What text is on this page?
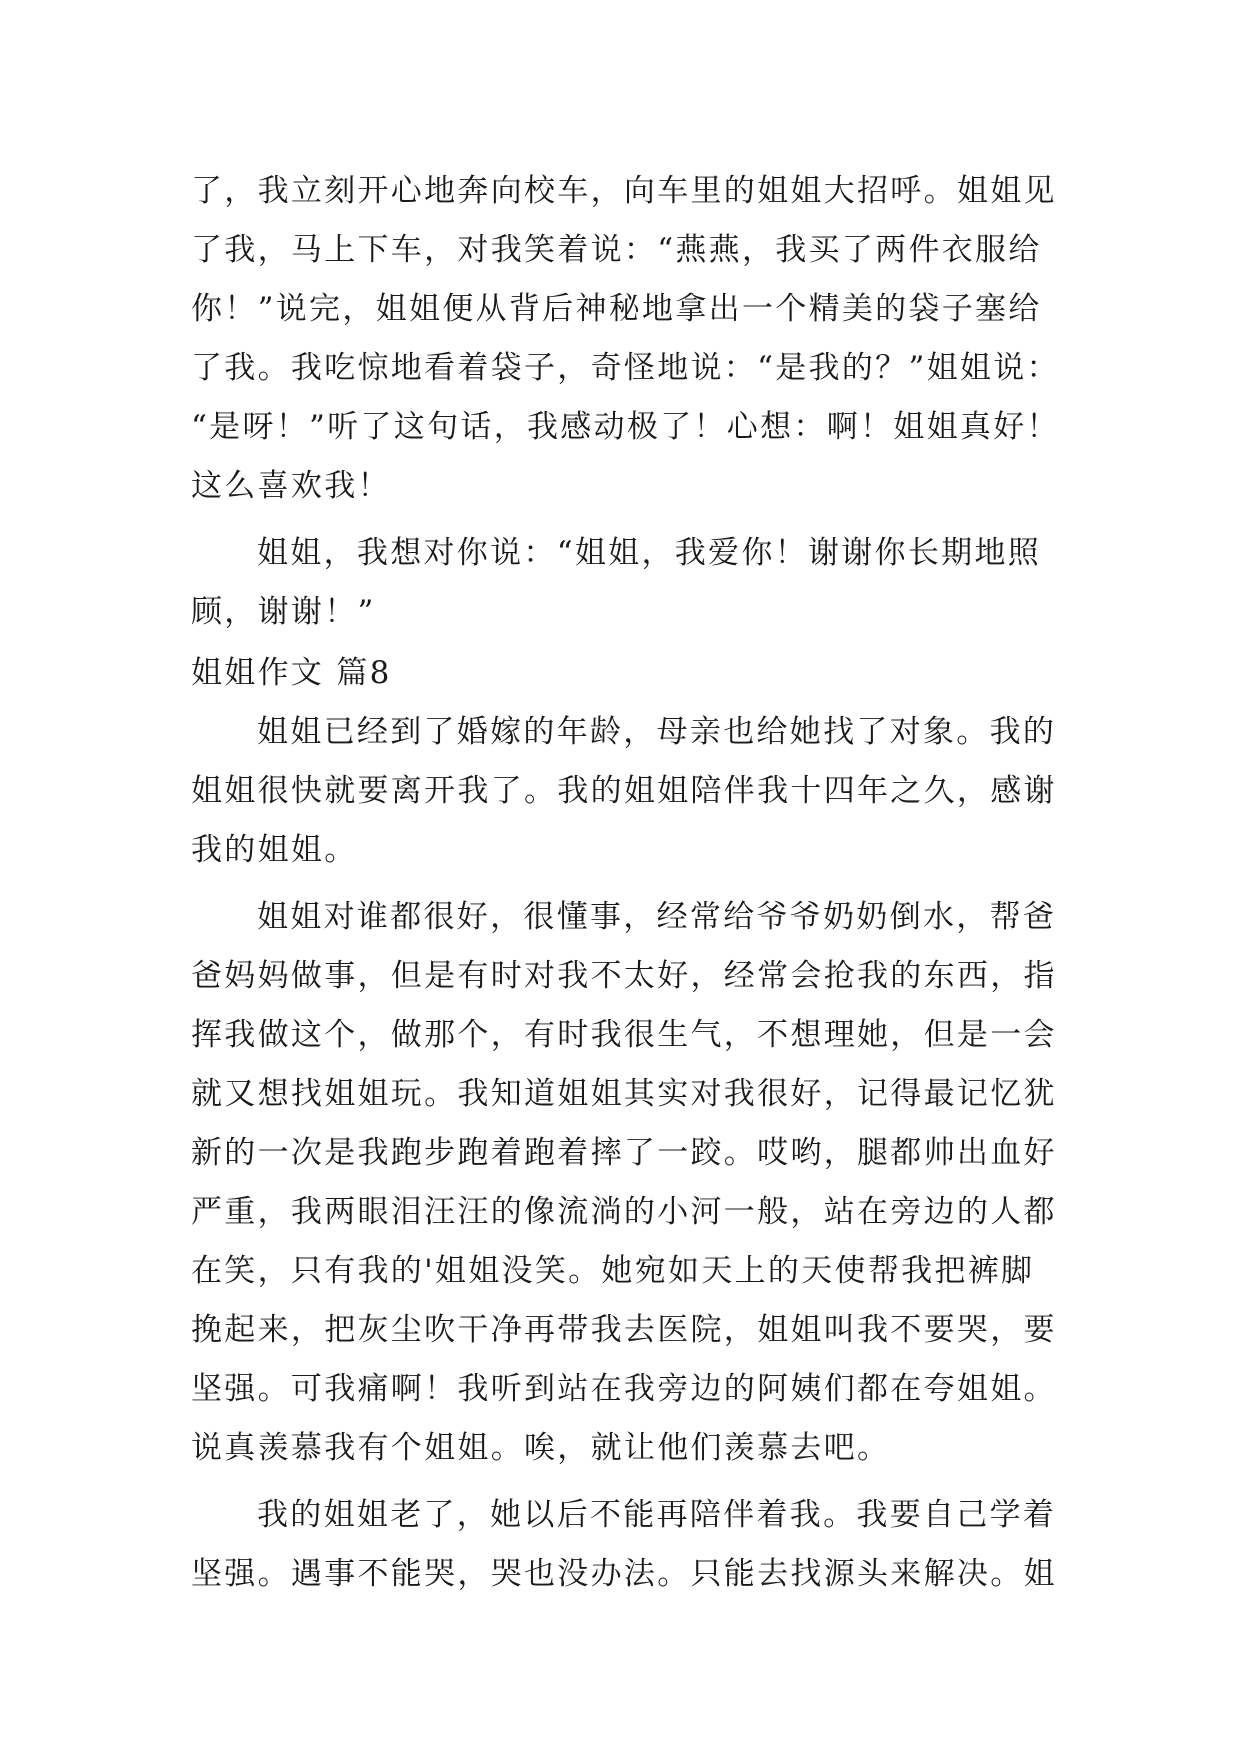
了，我立刻开心地奔向校车，向车里的姐姐大招呼。姐姐见
了我，马上下车，对我笑着说：“燕燕，我买了两件衣服给
你！”说完，姐姐便从背后神秘地拿出一个精美的袋子塞给
了我。我吃惊地看着袋子，奇怪地说：“是我的？”姐姐说：
“是呀！”听了这句话，我感动极了！心想：啊！姐姐真好！
这么喜欢我！
姐姐，我想对你说：“姐姐，我爱你！谢谢你长期地照
顾，谢谢！”
姐姐作文 篇8
姐姐已经到了婚嫁的年龄，母亲也给她找了对象。我的
姐姐很快就要离开我了。我的姐姐陪伴我十四年之久，感谢
我的姐姐。
姐姐对谁都很好，很懂事，经常给爷爷奶奶倒水，帮爸
爸妈妈做事，但是有时对我不太好，经常会抢我的东西，指
挥我做这个，做那个，有时我很生气，不想理她，但是一会
就又想找姐姐玩。我知道姐姐其实对我很好，记得最记忆犹
新的一次是我跑步跑着跑着摔了一跤。哎哟，腿都帅出血好
严重，我两眼泪汪汪的像流淌的小河一般，站在旁边的人都
在笑，只有我的'姐姐没笑。她宛如天上的天使帮我把裤脚
挽起来，把灰尘吹干净再带我去医院，姐姐叫我不要哭，要
坚强。可我痛啊！我听到站在我旁边的阿姨们都在夸姐姐。
说真羡慕我有个姐姐。唉，就让他们羡慕去吧。
我的姐姐老了，她以后不能再陪伴着我。我要自己学着
坚强。遇事不能哭，哭也没办法。只能去找源头来解决。姐
